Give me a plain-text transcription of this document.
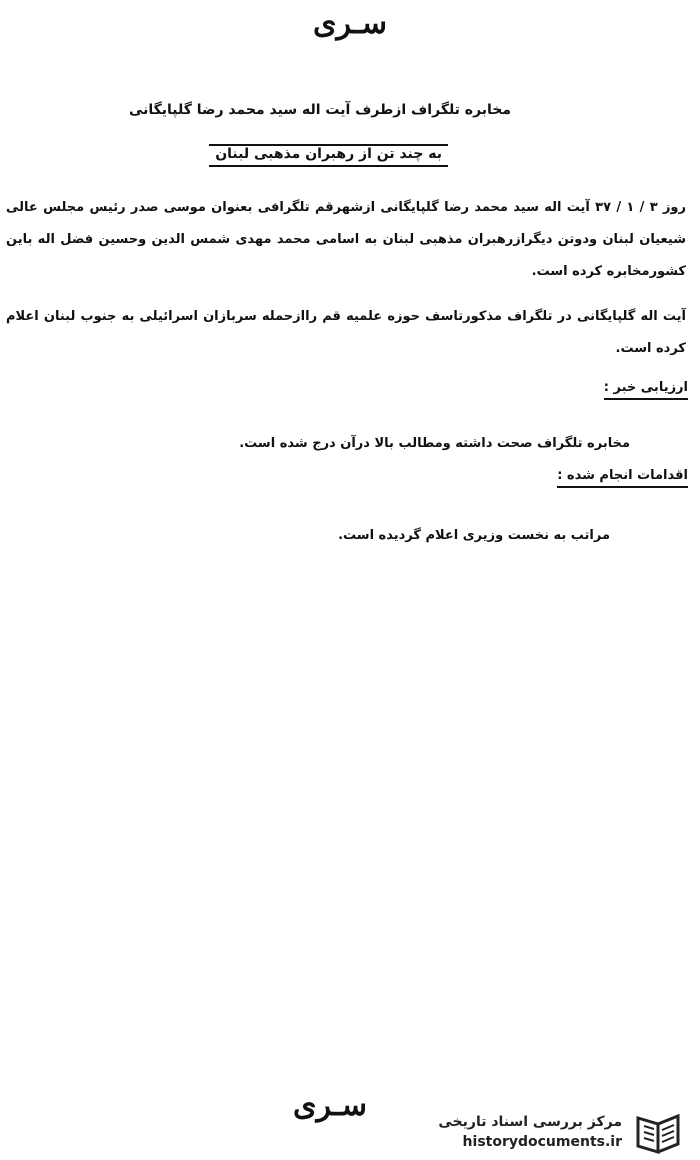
سـری
مخابره تلگراف ازطرف آیت اله سید محمد رضا گلپایگانی
به چند تن از رهبران مذهبی لبنان
روز ۳ / ۱ / ۳۷ آیت اله سید محمد رضا گلپایگانی ازشهرقم تلگرافی بعنوان موسی صدر رئیس مجلس عالی شیعیان لبنان ودوتن دیگرازرهبران مذهبی لبنان به اسامی محمد مهدی شمس الدین وحسین فضل اله باین کشورمخابره کرده است.
آیت اله گلپایگانی در تلگراف مذکورتاسف حوزه علمیه قم راازحمله سربازان اسرائیلی به جنوب لبنان اعلام کرده است.
ارزیابی خبر :
مخابره تلگراف صحت داشته ومطالب بالا درآن درج شده است.
اقدامات انجام شده :
مراتب به نخست وزیری اعلام گردیده است.
سـری	مرکز بررسی اسناد تاریخی
historydocuments.ir
